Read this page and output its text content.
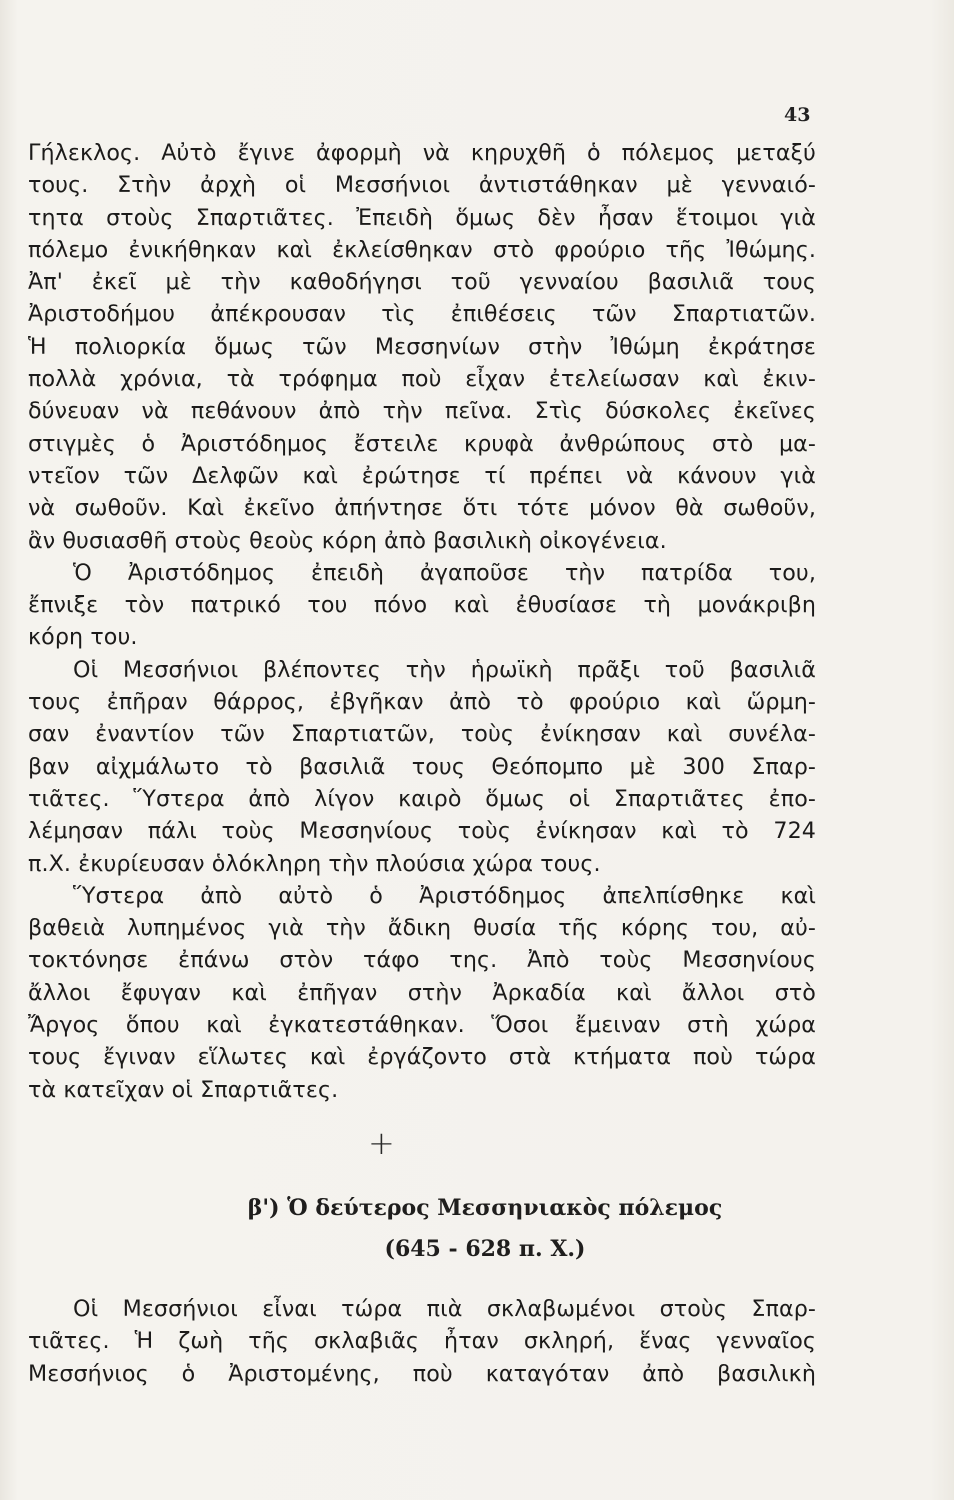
43
Γήλεκλος. Αὐτὸ ἔγινε ἀφορμὴ νὰ κηρυχθῆ ὁ πόλεμος μεταξύ
τους. Στὴν ἀρχὴ οἱ Μεσσήνιοι ἀντιστάθηκαν μὲ γενναιό-
τητα στοὺς Σπαρτιᾶτες. Ἐπειδὴ ὅμως δὲν ἦσαν ἕτοιμοι γιὰ
πόλεμο ἐνικήθηκαν καὶ ἐκλείσθηκαν στὸ φρούριο τῆς Ἰθώμης.
Ἀπ' ἐκεῖ μὲ τὴν καθοδήγησι τοῦ γενναίου βασιλιᾶ τους
Ἀριστοδήμου ἀπέκρουσαν τὶς ἐπιθέσεις τῶν Σπαρτιατῶν.
Ἡ πολιορκία ὅμως τῶν Μεσσηνίων στὴν Ἰθώμη ἐκράτησε
πολλὰ χρόνια, τὰ τρόφημα ποὺ εἶχαν ἐτελείωσαν καὶ ἐκιν-
δύνευαν νὰ πεθάνουν ἀπὸ τὴν πεῖνα. Στὶς δύσκολες ἐκεῖνες
στιγμὲς ὁ Ἀριστόδημος ἔστειλε κρυφὰ ἀνθρώπους στὸ μα-
ντεῖον τῶν Δελφῶν καὶ ἐρώτησε τί πρέπει νὰ κάνουν γιὰ
νὰ σωθοῦν. Καὶ ἐκεῖνο ἀπήντησε ὅτι τότε μόνον θὰ σωθοῦν,
ἂν θυσιασθῆ στοὺς θεοὺς κόρη ἀπὸ βασιλικὴ οἰκογένεια.
Ὁ Ἀριστόδημος ἐπειδὴ ἀγαποῦσε τὴν πατρίδα του,
ἔπνιξε τὸν πατρικό του πόνο καὶ ἐθυσίασε τὴ μονάκριβη
κόρη του.
Οἱ Μεσσήνιοι βλέποντες τὴν ἡρωϊκὴ πρᾶξι τοῦ βασιλιᾶ
τους ἐπῆραν θάρρος, ἐβγῆκαν ἀπὸ τὸ φρούριο καὶ ὥρμη-
σαν ἐναντίον τῶν Σπαρτιατῶν, τοὺς ἐνίκησαν καὶ συνέλα-
βαν αἰχμάλωτο τὸ βασιλιᾶ τους Θεόπομπο μὲ 300 Σπαρ-
τιᾶτες. Ὕστερα ἀπὸ λίγον καιρὸ ὅμως οἱ Σπαρτιᾶτες ἐπο-
λέμησαν πάλι τοὺς Μεσσηνίους τοὺς ἐνίκησαν καὶ τὸ 724
π.Χ. ἐκυρίευσαν ὁλόκληρη τὴν πλούσια χώρα τους.
Ὕστερα ἀπὸ αὐτὸ ὁ Ἀριστόδημος ἀπελπίσθηκε καὶ
βαθειὰ λυπημένος γιὰ τὴν ἄδικη θυσία τῆς κόρης του, αὐ-
τοκτόνησε ἐπάνω στὸν τάφο της. Ἀπὸ τοὺς Μεσσηνίους
ἄλλοι ἔφυγαν καὶ ἐπῆγαν στὴν Ἀρκαδία καὶ ἄλλοι στὸ
Ἄργος ὅπου καὶ ἐγκατεστάθηκαν. Ὅσοι ἔμειναν στὴ χώρα
τους ἔγιναν εἵλωτες καὶ ἐργάζοντο στὰ κτήματα ποὺ τώρα
τὰ κατεῖχαν οἱ Σπαρτιᾶτες.
+
β') Ὁ δεύτερος Μεσσηνιακὸς πόλεμος
(645 - 628 π. Χ.)
Οἱ Μεσσήνιοι εἶναι τώρα πιὰ σκλαβωμένοι στοὺς Σπαρ-
τιᾶτες. Ἡ ζωὴ τῆς σκλαβιᾶς ἦταν σκληρή, ἕνας γενναῖος
Μεσσήνιος ὁ Ἀριστομένης, ποὺ καταγόταν ἀπὸ βασιλικὴ
